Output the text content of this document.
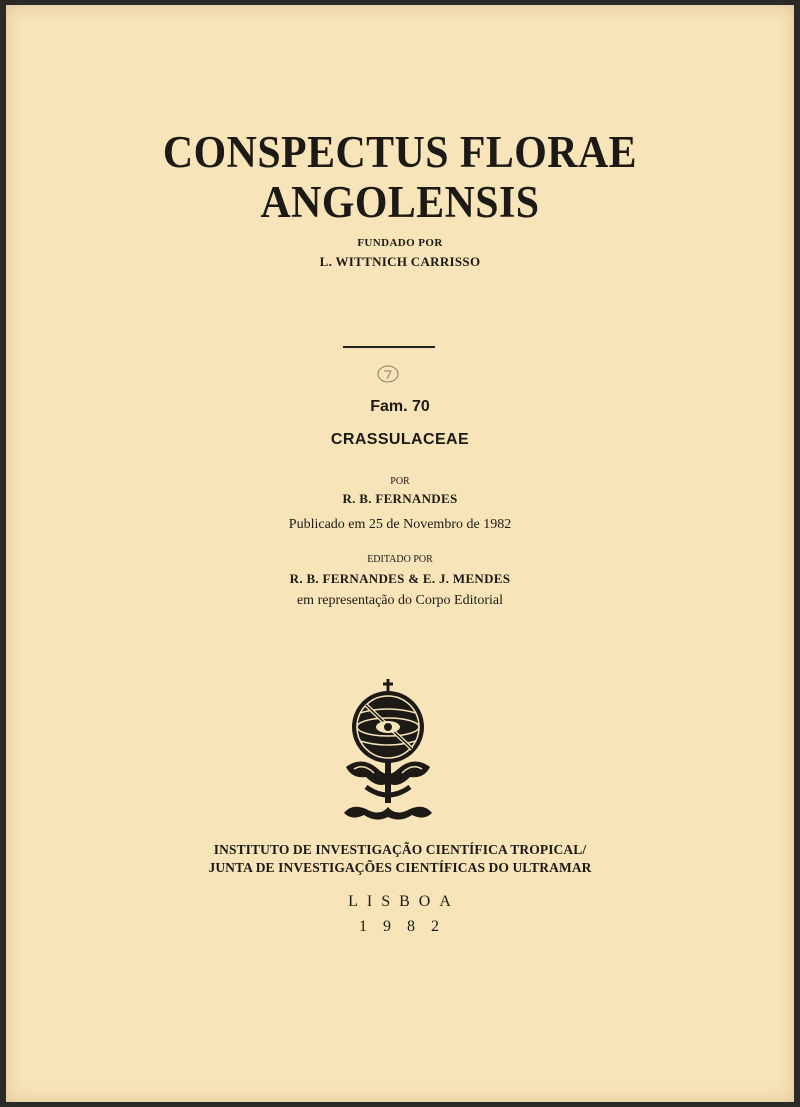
CONSPECTUS FLORAE
ANGOLENSIS
FUNDADO POR
L. WITTNICH CARRISSO
Fam. 70
CRASSULACEAE
POR
R. B. FERNANDES
Publicado em 25 de Novembro de 1982
EDITADO POR
R. B. FERNANDES & E. J. MENDES
em representação do Corpo Editorial
INSTITUTO DE INVESTIGAÇÃO CIENTÍFICA TROPICAL/
JUNTA DE INVESTIGAÇÕES CIENTÍFICAS DO ULTRAMAR
LISBOA
1982
